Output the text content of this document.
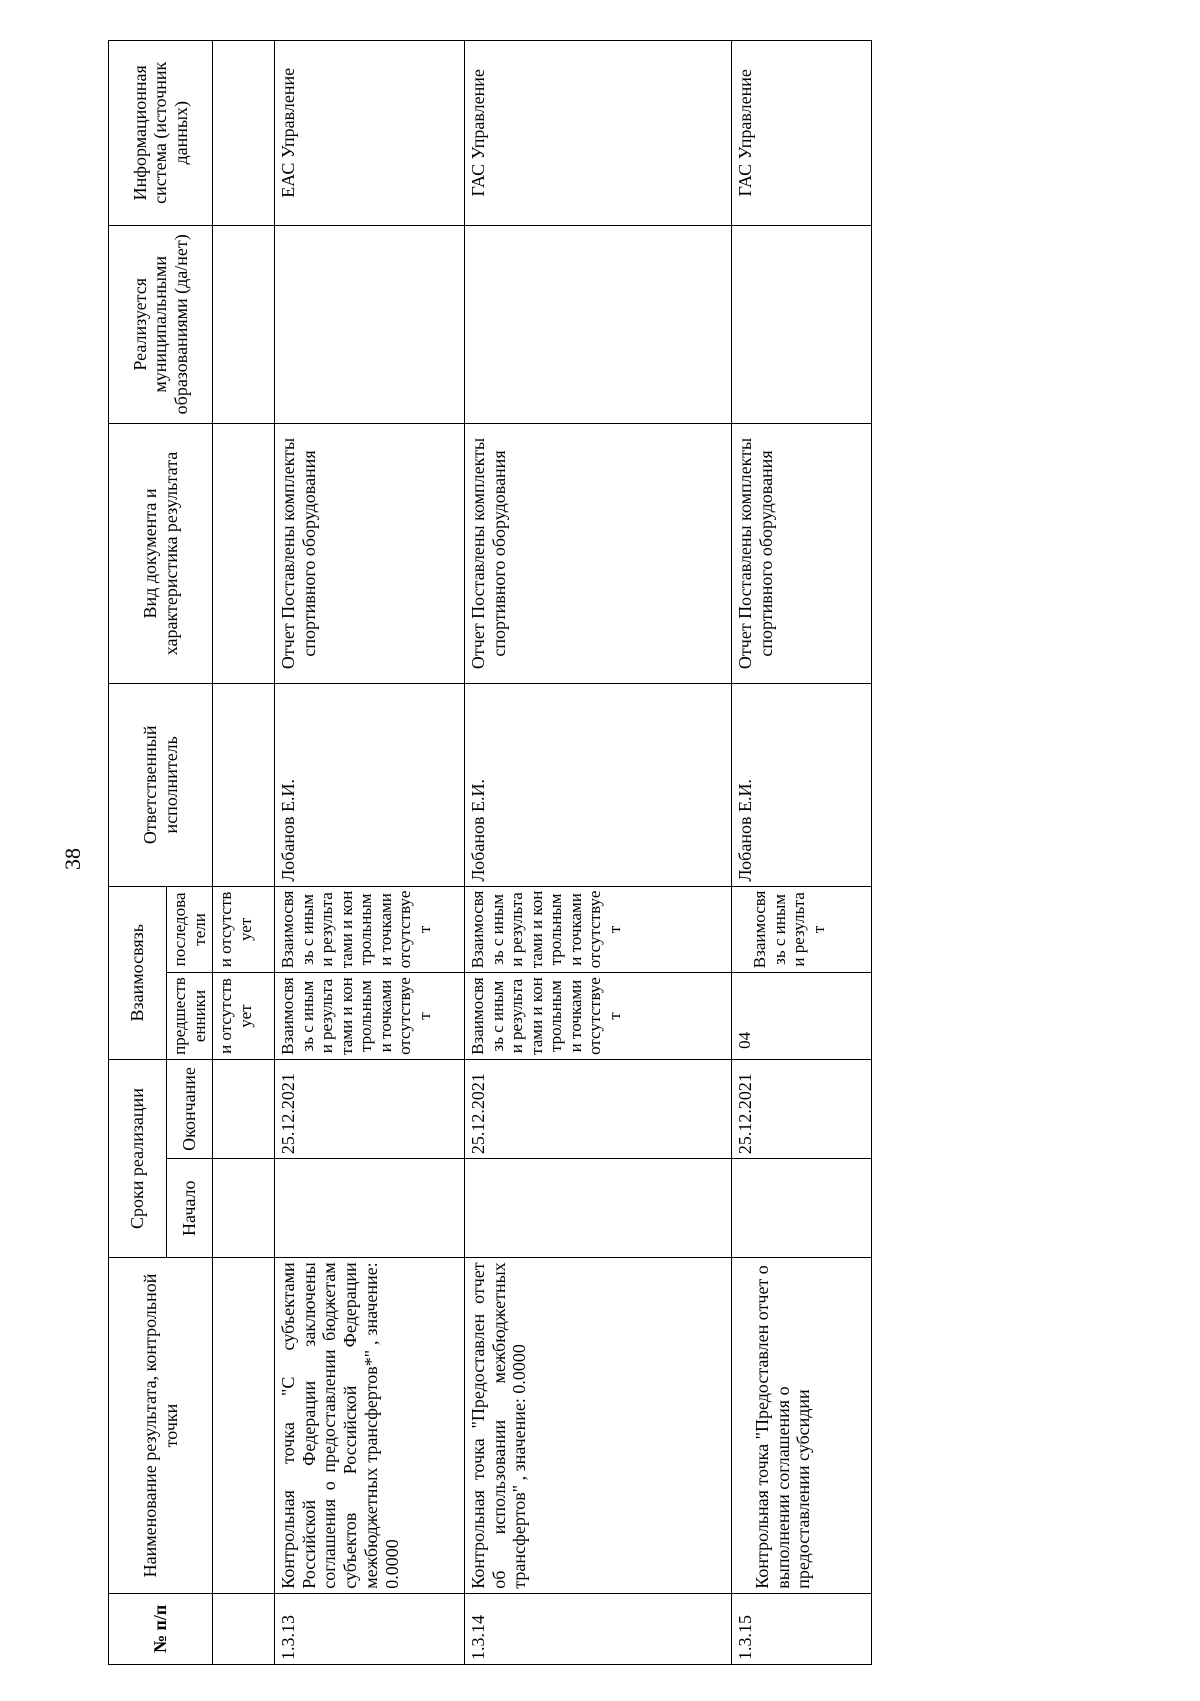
38
№ п/п	Наименование результата, контрольной точки	Сроки реализации		Взаимосвязь		Ответственный исполнитель	Вид документа и характеристика результата	Реализуется муниципальными образованиями (да/нет)	Информационная система (источник данных)
		Начало	Окончание	предшественники	последователи				
				и отсутствует	и отсутствует				
1.3.13	Контрольная точка "С субъектами Российской Федерации заключены соглашения о предоставлении бюджетам субъектов Российской Федерации межбюджетных трансфертов*" , значение: 0.0000		25.12.2021	Взаимосвязь с иными результатами и контрольными точками отсутствует	Взаимосвязь с иными результатами и контрольными точками отсутствует	Лобанов Е.И.	Отчет Поставлены комплекты спортивного оборудования		ЕАС Управление
1.3.14	Контрольная точка "Предоставлен отчет об использовании межбюджетных трансфертов" , значение: 0.0000		25.12.2021	Взаимосвязь с иными результатами и контрольными точками отсутствует	Взаимосвязь с иными результатами и контрольными точками отсутствует	Лобанов Е.И.	Отчет Поставлены комплекты спортивного оборудования		ГАС Управление
1.3.15	Контрольная точка "Предоставлен отчет о выполнении соглашения о предоставлении субсидии		25.12.2021	04	Взаимосвязь с иными результат	Лобанов Е.И.	Отчет Поставлены комплекты спортивного оборудования		ГАС Управление
